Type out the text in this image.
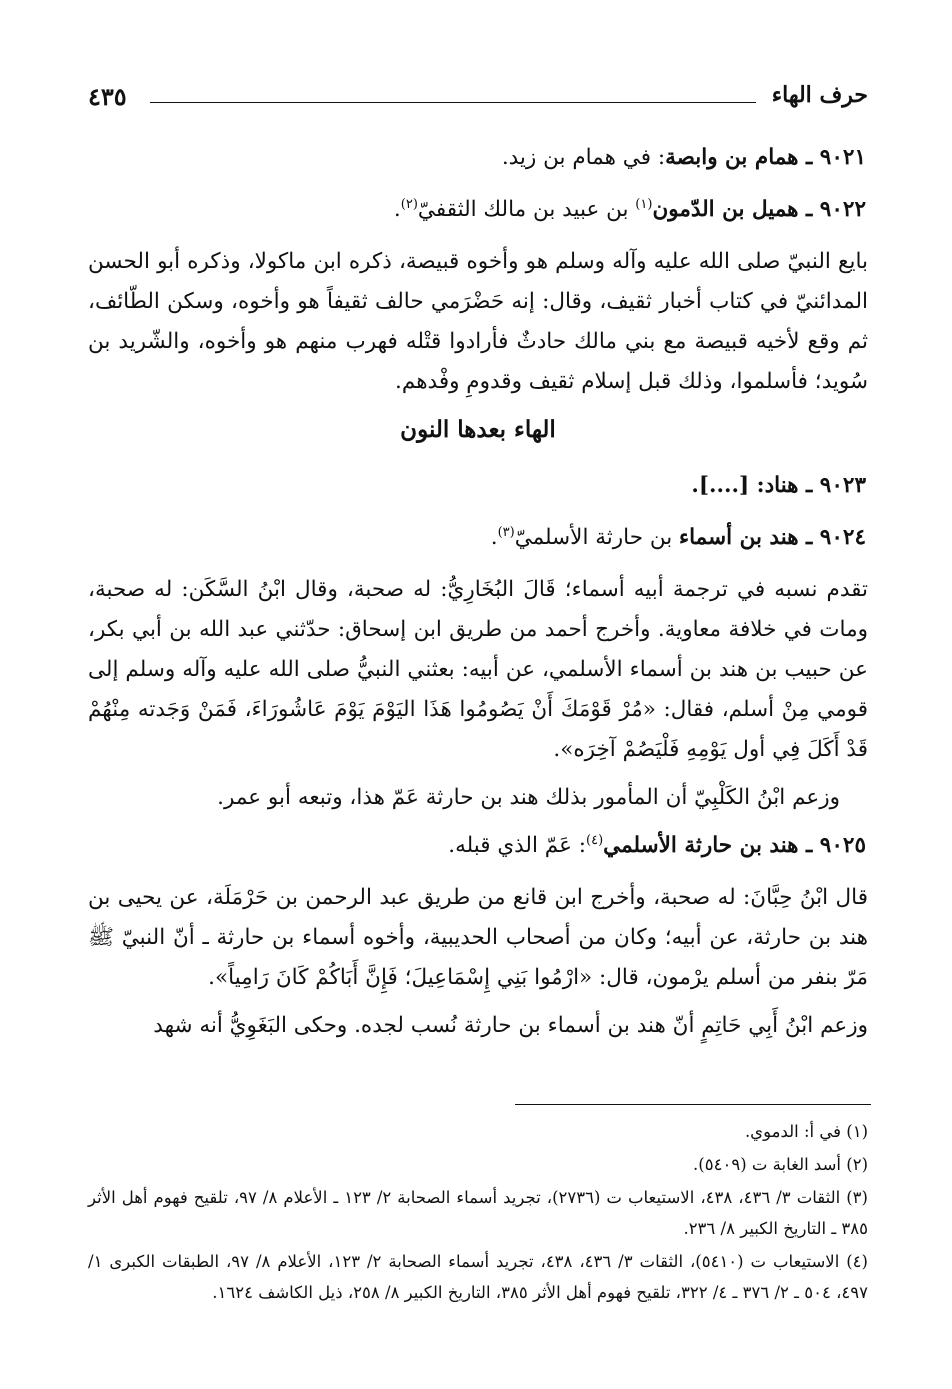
حرف الهاء
٤٣٥

٩٠٢١ ـ همام بن وابصة: في همام بن زيد.

٩٠٢٢ ـ هميل بن الدّمون$^{(١)}$ بن عبيد بن مالك الثقفيّ$^{(٢)}$.

بايع النبيّ صلى الله عليه وآله وسلم هو وأخوه قبيصة، ذكره ابن ماكولا، وذكره أبو الحسن المدائنيّ في كتاب أخبار ثقيف، وقال: إنه حَضْرَمي حالف ثقيفاً هو وأخوه، وسكن الطّائف، ثم وقع لأخيه قبيصة مع بني مالك حادثٌ فأرادوا قتْله فهرب منهم هو وأخوه، والشّريد بن سُويد؛ فأسلموا، وذلك قبل إسلام ثقيف وقدومِ وفْدهم.

الهاء بعدها النون

٩٠٢٣ ـ هناد: [....].

٩٠٢٤ ـ هند بن أسماء بن حارثة الأسلميّ$^{(٣)}$.

تقدم نسبه في ترجمة أبيه أسماء؛ قَالَ البُخَارِيُّ: له صحبة، وقال ابْنُ السَّكَن: له صحبة، ومات في خلافة معاوية. وأخرج أحمد من طريق ابن إسحاق: حدّثني عبد الله بن أبي بكر، عن حبيب بن هند بن أسماء الأسلمي، عن أبيه: بعثني النبيُّ صلى الله عليه وآله وسلم إلى قومي مِنْ أسلم، فقال: «مُرْ قَوْمَكَ أَنْ يَصُومُوا هَذَا اليَوْمَ يَوْمَ عَاشُورَاءَ، فَمَنْ وَجَدته مِنْهُمْ قَدْ أَكَلَ فِي أول يَوْمِهِ فَلْيَصُمْ آخِرَه».

وزعم ابْنُ الكَلْبِيّ أن المأمور بذلك هند بن حارثة عَمّ هذا، وتبعه أبو عمر.

٩٠٢٥ ـ هند بن حارثة الأسلمي$^{(٤)}$: عَمّ الذي قبله.

قال ابْنُ حِبَّانَ: له صحبة، وأخرج ابن قانع من طريق عبد الرحمن بن حَرْمَلَة، عن يحيى بن هند بن حارثة، عن أبيه؛ وكان من أصحاب الحديبية، وأخوه أسماء بن حارثة ـ أنّ النبيّ ﷺ مَرّ بنفر من أسلم يرْمون، قال: «ارْمُوا بَنِي إِسْمَاعِيلَ؛ فَإِنَّ أَبَاكُمْ كَانَ رَامِياً».

وزعم ابْنُ أَبِي حَاتِمٍ أنّ هند بن أسماء بن حارثة نُسب لجده. وحكى البَغَوِيُّ أنه شهد

(١) في أ: الدموي.

(٢) أسد الغابة ت (٥٤٠٩).

(٣) الثقات ٣/ ٤٣٦، ٤٣٨، الاستيعاب ت (٢٧٣٦)، تجريد أسماء الصحابة ٢/ ١٢٣ ـ الأعلام ٨/ ٩٧، تلقيح فهوم أهل الأثر ٣٨٥ ـ التاريخ الكبير ٨/ ٢٣٦.

(٤) الاستيعاب ت (٥٤١٠)، الثقات ٣/ ٤٣٦، ٤٣٨، تجريد أسماء الصحابة ٢/ ١٢٣، الأعلام ٨/ ٩٧، الطبقات الكبرى ١/ ٤٩٧، ٥٠٤ ـ ٢/ ٣٧٦ ـ ٤/ ٣٢٢، تلقيح فهوم أهل الأثر ٣٨٥، التاريخ الكبير ٨/ ٢٥٨، ذيل الكاشف ١٦٢٤.
